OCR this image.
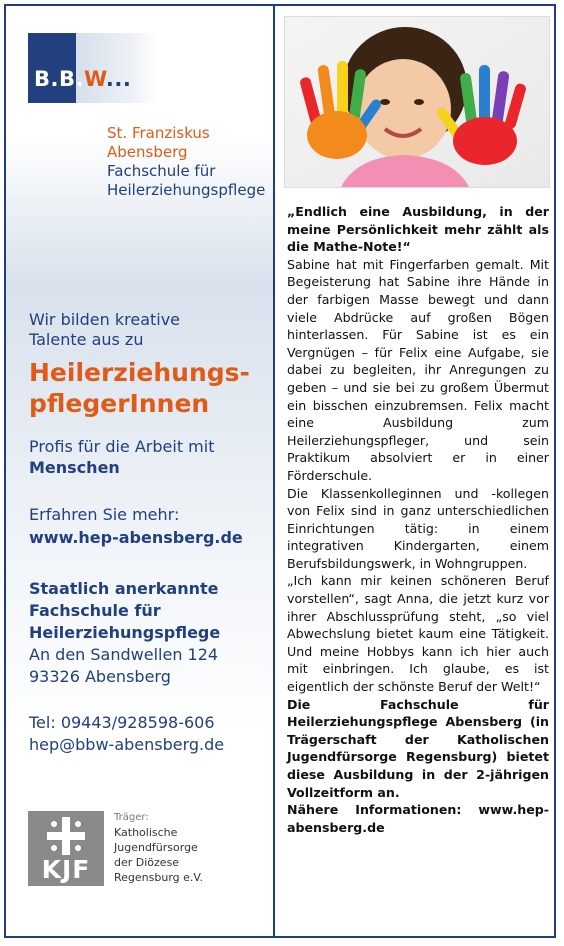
B.B.W...
St. Franziskus
Abensberg
Fachschule für
Heilerziehungspflege
Wir bilden kreative
Talente aus zu
Heilerziehungs-
pflegerInnen
Profis für die Arbeit mit
Menschen
Erfahren Sie mehr:
www.hep-abensberg.de
Staatlich anerkannte
Fachschule für
Heilerziehungspflege
An den Sandwellen 124
93326 Abensberg
Tel: 09443/928598-606
hep@bbw-abensberg.de
KJF
Träger:
Katholische
Jugendfürsorge
der Diözese
Regensburg e.V.

„Endlich eine Ausbildung, in der meine Persönlichkeit mehr zählt als die Mathe-Note!“

Sabine hat mit Fingerfarben gemalt. Mit Begeisterung hat Sabine ihre Hände in der farbigen Masse bewegt und dann viele Abdrücke auf großen Bögen hinterlassen. Für Sabine ist es ein Vergnügen – für Felix eine Aufgabe, sie dabei zu begleiten, ihr Anregungen zu geben – und sie bei zu großem Übermut ein bisschen einzubremsen. Felix macht eine Ausbildung zum Heilerziehungspfleger, und sein Praktikum absolviert er in einer Förderschule.

Die Klassenkolleginnen und -kollegen von Felix sind in ganz unterschiedlichen Einrichtungen tätig: in einem integrativen Kindergarten, einem Berufsbildungswerk, in Wohngruppen.

„Ich kann mir keinen schöneren Beruf vorstellen“, sagt Anna, die jetzt kurz vor ihrer Abschlussprüfung steht, „so viel Abwechslung bietet kaum eine Tätigkeit. Und meine Hobbys kann ich hier auch mit einbringen. Ich glaube, es ist eigentlich der schönste Beruf der Welt!“

Die Fachschule für Heilerziehungspflege Abensberg (in Trägerschaft der Katholischen Jugendfürsorge Regensburg) bietet diese Ausbildung in der 2-jährigen Vollzeitform an.

Nähere Informationen: www.hep-abensberg.de
